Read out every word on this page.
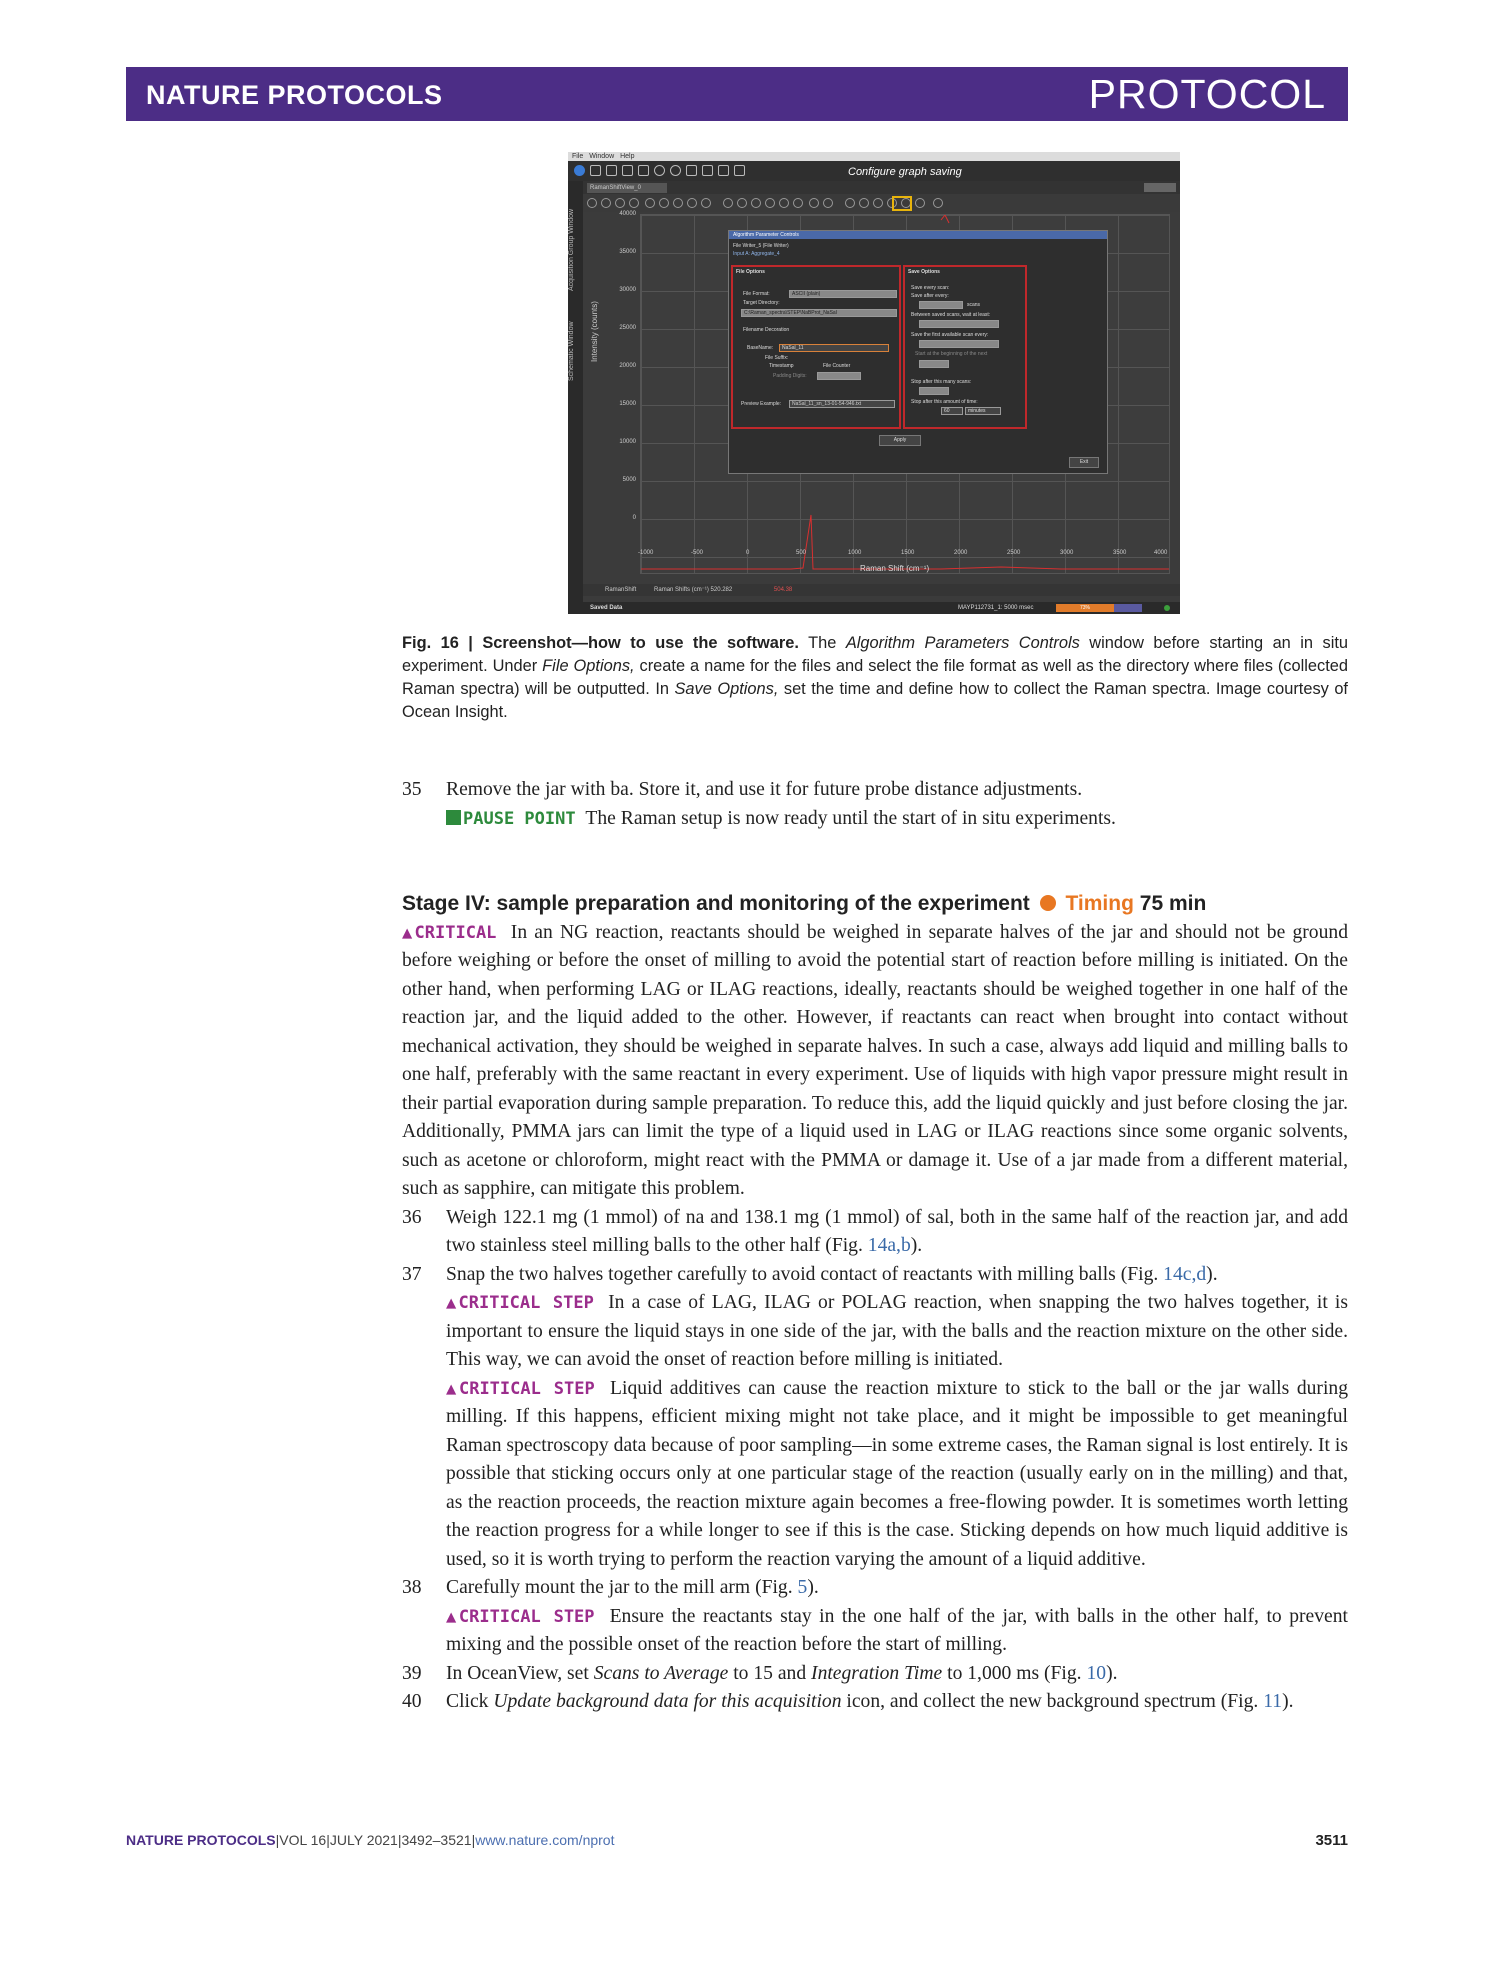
NATURE PROTOCOLS	PROTOCOL
File Window Help
Configure graph saving
Acquisition Group Window
Schematic Window
RamanShiftView_0
40000
35000
30000
25000
20000
15000
10000
5000
0
Intensity (counts)
-1000	-500	0	500	1000	1500	2000	2500	3000	3500	4000
Raman Shift (cm⁻¹)
Algorithm Parameter Controls
File Writer_5 (File Writer)
Input A: Aggregate_4
File Options
File Format:	ASCII (plain)
Target Directory:
C:\Raman_spectra\STEP\NaBProt_NaSal
Filename Decoration
BaseName:	NaSal_11
File Suffix:
Timestamp	File Counter
Padding Digits:
Preview Example:	NaSal_11_sn_13-01-54-946.txt
Save Options
Save every scan:
Save after every:
scans
Between saved scans, wait at least:
Save the first available scan every:
Start at the beginning of the next
Stop after this many scans:
Stop after this amount of time:
60	minutes
Apply
Exit
RamanShift	Raman Shifts (cm⁻¹) 520.282	504.38
Saved Data	MAYP112731_1: 5000 msec	73%
Fig. 16 | Screenshot—how to use the software. The Algorithm Parameters Controls window before starting an in situ experiment. Under File Options, create a name for the files and select the file format as well as the directory where files (collected Raman spectra) will be outputted. In Save Options, set the time and define how to collect the Raman spectra. Image courtesy of Ocean Insight.
35 Remove the jar with ba. Store it, and use it for future probe distance adjustments.
PAUSE POINT The Raman setup is now ready until the start of in situ experiments.
Stage IV: sample preparation and monitoring of the experiment Timing 75 min
▲CRITICAL In an NG reaction, reactants should be weighed in separate halves of the jar and should not be ground before weighing or before the onset of milling to avoid the potential start of reaction before milling is initiated. On the other hand, when performing LAG or ILAG reactions, ideally, reactants should be weighed together in one half of the reaction jar, and the liquid added to the other. However, if reactants can react when brought into contact without mechanical activation, they should be weighed in separate halves. In such a case, always add liquid and milling balls to one half, preferably with the same reactant in every experiment. Use of liquids with high vapor pressure might result in their partial evaporation during sample preparation. To reduce this, add the liquid quickly and just before closing the jar. Additionally, PMMA jars can limit the type of a liquid used in LAG or ILAG reactions since some organic solvents, such as acetone or chloroform, might react with the PMMA or damage it. Use of a jar made from a different material, such as sapphire, can mitigate this problem.
36 Weigh 122.1 mg (1 mmol) of na and 138.1 mg (1 mmol) of sal, both in the same half of the reaction jar, and add two stainless steel milling balls to the other half (Fig. 14a,b).
37 Snap the two halves together carefully to avoid contact of reactants with milling balls (Fig. 14c,d).
▲CRITICAL STEP In a case of LAG, ILAG or POLAG reaction, when snapping the two halves together, it is important to ensure the liquid stays in one side of the jar, with the balls and the reaction mixture on the other side. This way, we can avoid the onset of reaction before milling is initiated.
▲CRITICAL STEP Liquid additives can cause the reaction mixture to stick to the ball or the jar walls during milling. If this happens, efficient mixing might not take place, and it might be impossible to get meaningful Raman spectroscopy data because of poor sampling—in some extreme cases, the Raman signal is lost entirely. It is possible that sticking occurs only at one particular stage of the reaction (usually early on in the milling) and that, as the reaction proceeds, the reaction mixture again becomes a free-flowing powder. It is sometimes worth letting the reaction progress for a while longer to see if this is the case. Sticking depends on how much liquid additive is used, so it is worth trying to perform the reaction varying the amount of a liquid additive.
38 Carefully mount the jar to the mill arm (Fig. 5).
▲CRITICAL STEP Ensure the reactants stay in the one half of the jar, with balls in the other half, to prevent mixing and the possible onset of the reaction before the start of milling.
39 In OceanView, set Scans to Average to 15 and Integration Time to 1,000 ms (Fig. 10).
40 Click Update background data for this acquisition icon, and collect the new background spectrum (Fig. 11).
NATURE PROTOCOLS|VOL 16|JULY 2021|3492–3521|www.nature.com/nprot	3511
